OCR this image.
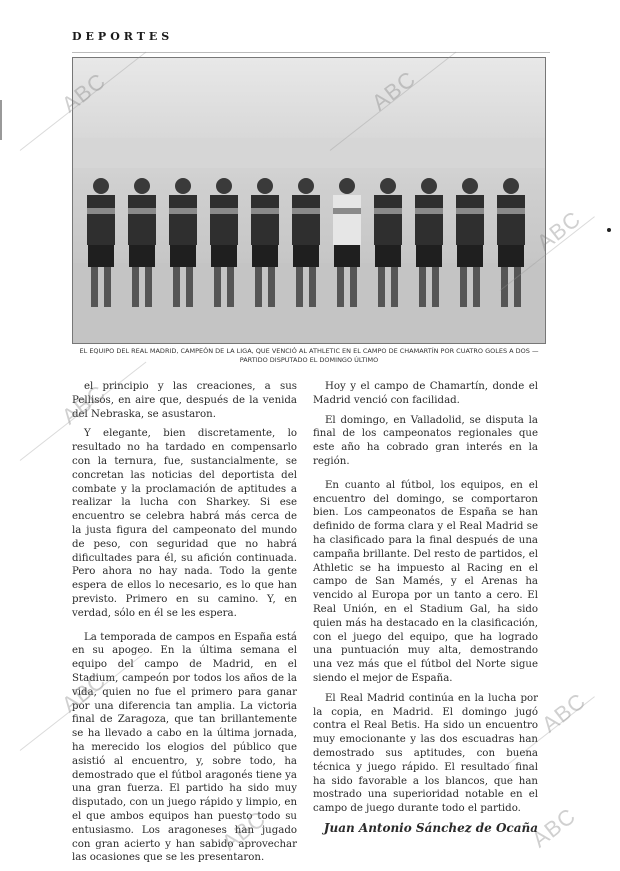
DEPORTES
EL EQUIPO DEL REAL MADRID, CAMPEÓN DE LA LIGA, QUE VENCIÓ AL ATHLETIC EN EL CAMPO DE CHAMARTÍN POR CUATRO GOLES A DOS — PARTIDO DISPUTADO EL DOMINGO ÚLTIMO

el principio y las creaciones, a sus Pellisos, en aire que, después de la venida del Nebraska, se asustaron.

Y elegante, bien discretamente, lo resultado no ha tardado en compensarlo con la ternura, fue, sustancialmente, se concretan las noticias del deportista del combate y la proclamación de aptitudes a realizar la lucha con Sharkey. Si ese encuentro se celebra habrá más cerca de la justa figura del campeonato del mundo de peso, con seguridad que no habrá dificultades para él, su afición continuada. Pero ahora no hay nada. Todo la gente espera de ellos lo necesario, es lo que han previsto. Primero en su camino. Y, en verdad, sólo en él se les espera.

La temporada de campos en España está en su apogeo. En la última semana el equipo del campo de Madrid, en el Stadium, campeón por todos los años de la vida, quien no fue el primero para ganar por una diferencia tan amplia. La victoria final de Zaragoza, que tan brillantemente se ha llevado a cabo en la última jornada, ha merecido los elogios del público que asistió al encuentro, y, sobre todo, ha demostrado que el fútbol aragonés tiene ya una gran fuerza. El partido ha sido muy disputado, con un juego rápido y limpio, en el que ambos equipos han puesto todo su entusiasmo. Los aragoneses han jugado con gran acierto y han sabido aprovechar las ocasiones que se les presentaron.

Hoy y el campo de Chamartín, donde el Madrid venció con facilidad.

El domingo, en Valladolid, se disputa la final de los campeonatos regionales que este año ha cobrado gran interés en la región.

En cuanto al fútbol, los equipos, en el encuentro del domingo, se comportaron bien. Los campeonatos de España se han definido de forma clara y el Real Madrid se ha clasificado para la final después de una campaña brillante. Del resto de partidos, el Athletic se ha impuesto al Racing en el campo de San Mamés, y el Arenas ha vencido al Europa por un tanto a cero. El Real Unión, en el Stadium Gal, ha sido quien más ha destacado en la clasificación, con el juego del equipo, que ha logrado una puntuación muy alta, demostrando una vez más que el fútbol del Norte sigue siendo el mejor de España.

El Real Madrid continúa en la lucha por la copia, en Madrid. El domingo jugó contra el Real Betis. Ha sido un encuentro muy emocionante y las dos escuadras han demostrado sus aptitudes, con buena técnica y juego rápido. El resultado final ha sido favorable a los blancos, que han mostrado una superioridad notable en el campo de juego durante todo el partido.

Juan Antonio Sánchez de Ocaña

ABC	ABC
ABC
ABC
ABC	ABC
ABC	ABC
